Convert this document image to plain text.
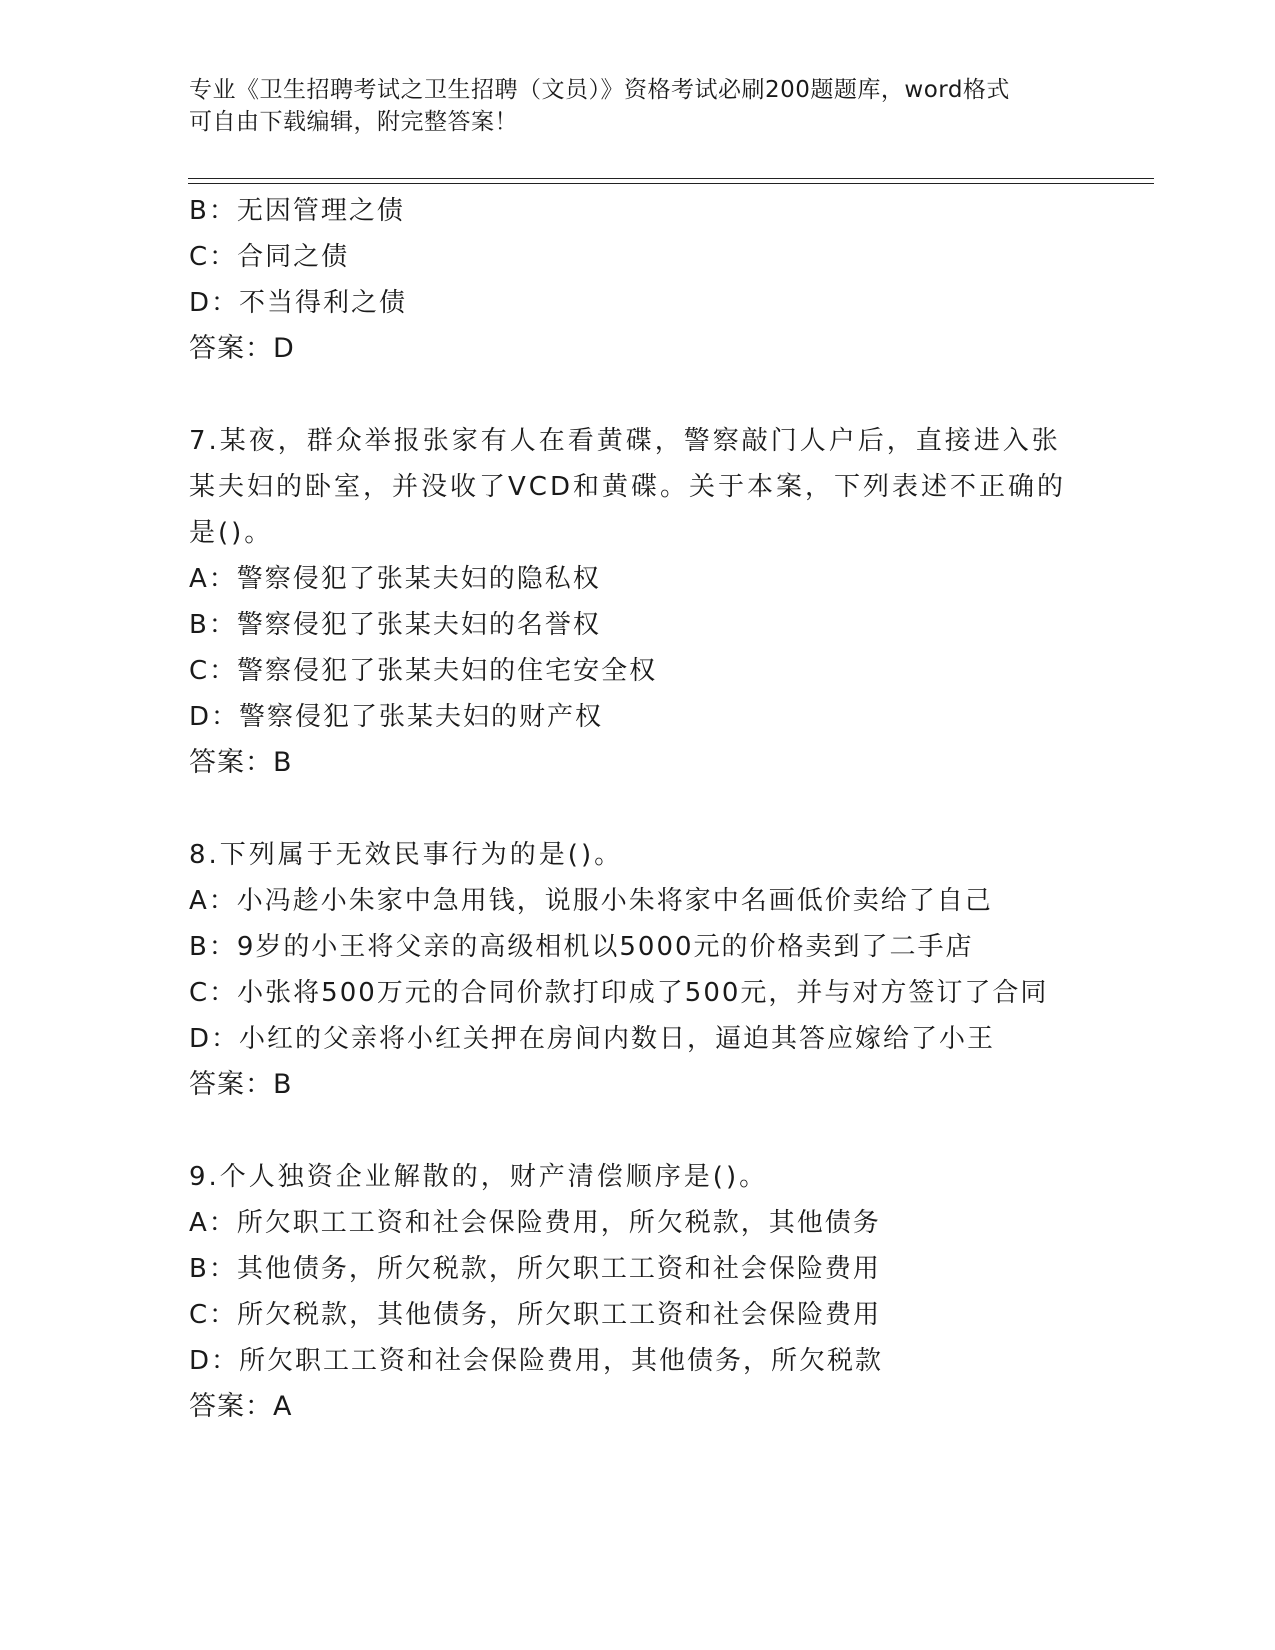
专业《卫生招聘考试之卫生招聘（文员）》资格考试必刷200题题库，word格式

可自由下载编辑，附完整答案！

B：无因管理之债
C：合同之债
D：不当得利之债
答案：D
7.某夜，群众举报张家有人在看黄碟，警察敲门人户后，直接进入张
某夫妇的卧室，并没收了VCD和黄碟。关于本案，下列表述不正确的
是()。
A：警察侵犯了张某夫妇的隐私权
B：警察侵犯了张某夫妇的名誉权
C：警察侵犯了张某夫妇的住宅安全权
D：警察侵犯了张某夫妇的财产权
答案：B
8.下列属于无效民事行为的是()。
A：小冯趁小朱家中急用钱，说服小朱将家中名画低价卖给了自己
B：9岁的小王将父亲的高级相机以5000元的价格卖到了二手店
C：小张将500万元的合同价款打印成了500元，并与对方签订了合同
D：小红的父亲将小红关押在房间内数日，逼迫其答应嫁给了小王
答案：B
9.个人独资企业解散的，财产清偿顺序是()。
A：所欠职工工资和社会保险费用，所欠税款，其他债务
B：其他债务，所欠税款，所欠职工工资和社会保险费用
C：所欠税款，其他债务，所欠职工工资和社会保险费用
D：所欠职工工资和社会保险费用，其他债务，所欠税款
答案：A
